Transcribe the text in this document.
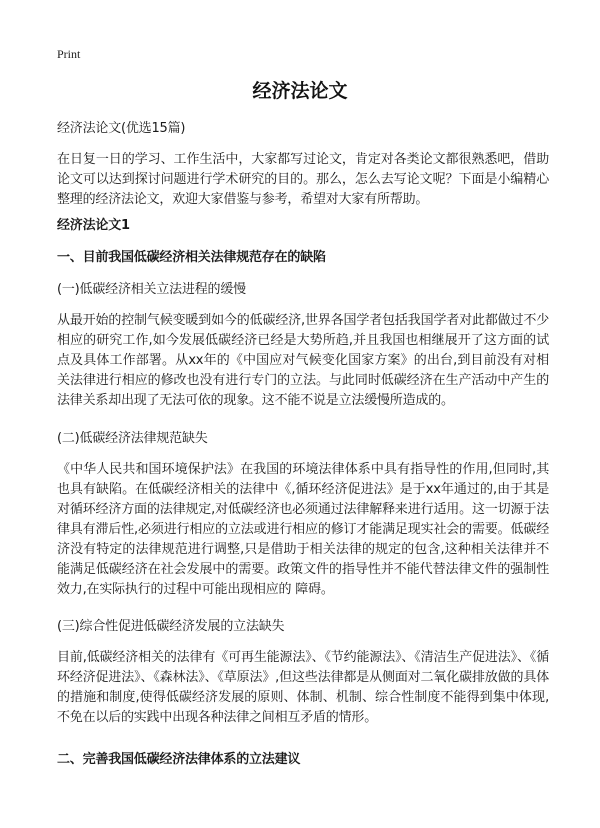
Print
经济法论文

经济法论文(优选15篇)

在日复一日的学习、工作生活中，大家都写过论文，肯定对各类论文都很熟悉吧，借助论文可以达到探讨问题进行学术研究的目的。那么，怎么去写论文呢？下面是小编精心整理的经济法论文，欢迎大家借鉴与参考，希望对大家有所帮助。

经济法论文1

一、目前我国低碳经济相关法律规范存在的缺陷

(一)低碳经济相关立法进程的缓慢

从最开始的控制气候变暖到如今的低碳经济,世界各国学者包括我国学者对此都做过不少相应的研究工作,如今发展低碳经济已经是大势所趋,并且我国也相继展开了这方面的试点及具体工作部署。从xx年的《中国应对气候变化国家方案》的出台,到目前没有对相关法律进行相应的修改也没有进行专门的立法。与此同时低碳经济在生产活动中产生的法律关系却出现了无法可依的现象。这不能不说是立法缓慢所造成的。

(二)低碳经济法律规范缺失

《中华人民共和国环境保护法》在我国的环境法律体系中具有指导性的作用,但同时,其也具有缺陷。在低碳经济相关的法律中《,循环经济促进法》是于xx年通过的,由于其是对循环经济方面的法律规定,对低碳经济也必须通过法律解释来进行适用。这一切源于法律具有滞后性,必须进行相应的立法或进行相应的修订才能满足现实社会的需要。低碳经济没有特定的法律规范进行调整,只是借助于相关法律的规定的包含,这种相关法律并不能满足低碳经济在社会发展中的需要。政策文件的指导性并不能代替法律文件的强制性效力,在实际执行的过程中可能出现相应的 障碍。

(三)综合性促进低碳经济发展的立法缺失

目前,低碳经济相关的法律有《可再生能源法》、《节约能源法》、《清洁生产促进法》、《循环经济促进法》、《森林法》、《草原法》,但这些法律都是从侧面对二氧化碳排放做的具体的措施和制度,使得低碳经济发展的原则、体制、机制、综合性制度不能得到集中体现,不免在以后的实践中出现各种法律之间相互矛盾的情形。

二、完善我国低碳经济法律体系的立法建议
